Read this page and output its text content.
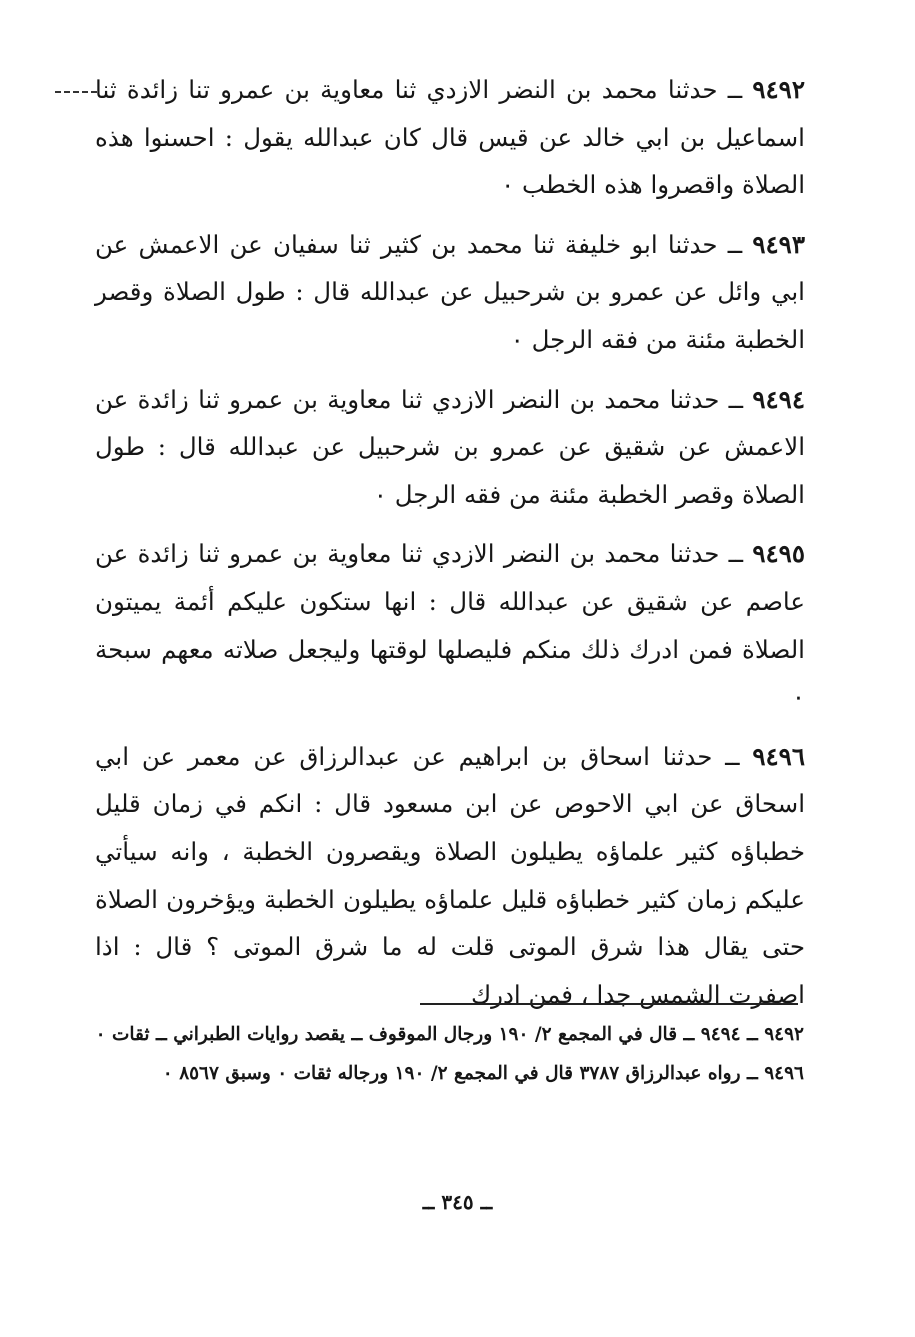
٩٤٩٢ ــ حدثنا محمد بن النضر الازدي ثنا معاوية بن عمرو تنا زائدة ثنا اسماعيل بن ابي خالد عن قيس قال كان عبدالله يقول : احسنوا هذه الصلاة واقصروا هذه الخطب ٠

٩٤٩٣ ــ حدثنا ابو خليفة ثنا محمد بن كثير ثنا سفيان عن الاعمش عن ابي وائل عن عمرو بن شرحبيل عن عبدالله قال : طول الصلاة وقصر الخطبة مئنة من فقه الرجل ٠

٩٤٩٤ ــ حدثنا محمد بن النضر الازدي ثنا معاوية بن عمرو ثنا زائدة عن الاعمش عن شقيق عن عمرو بن شرحبيل عن عبدالله قال : طول الصلاة وقصر الخطبة مئنة من فقه الرجل ٠

٩٤٩٥ ــ حدثنا محمد بن النضر الازدي ثنا معاوية بن عمرو ثنا زائدة عن عاصم عن شقيق عن عبدالله قال : انها ستكون عليكم أئمة يميتون الصلاة فمن ادرك ذلك منكم فليصلها لوقتها وليجعل صلاته معهم سبحة ٠

٩٤٩٦ ــ حدثنا اسحاق بن ابراهيم عن عبدالرزاق عن معمر عن ابي اسحاق عن ابي الاحوص عن ابن مسعود قال : انكم في زمان قليل خطباؤه كثير علماؤه يطيلون الصلاة ويقصرون الخطبة ، وانه سيأتي عليكم زمان كثير خطباؤه قليل علماؤه يطيلون الخطبة ويؤخرون الصلاة حتى يقال هذا شرق الموتى قلت له ما شرق الموتى ؟ قال : اذا اصفرت الشمس جدا ، فمن ادرك

٩٤٩٢ ــ ٩٤٩٤ ــ قال في المجمع ٢/ ١٩٠ ورجال الموقوف ــ يقصد روايات الطبراني ــ ثقات ٠

٩٤٩٦ ــ رواه عبدالرزاق ٣٧٨٧ قال في المجمع ٢/ ١٩٠ ورجاله ثقات ٠ وسبق ٨٥٦٧ ٠

ــ ٣٤٥ ــ
